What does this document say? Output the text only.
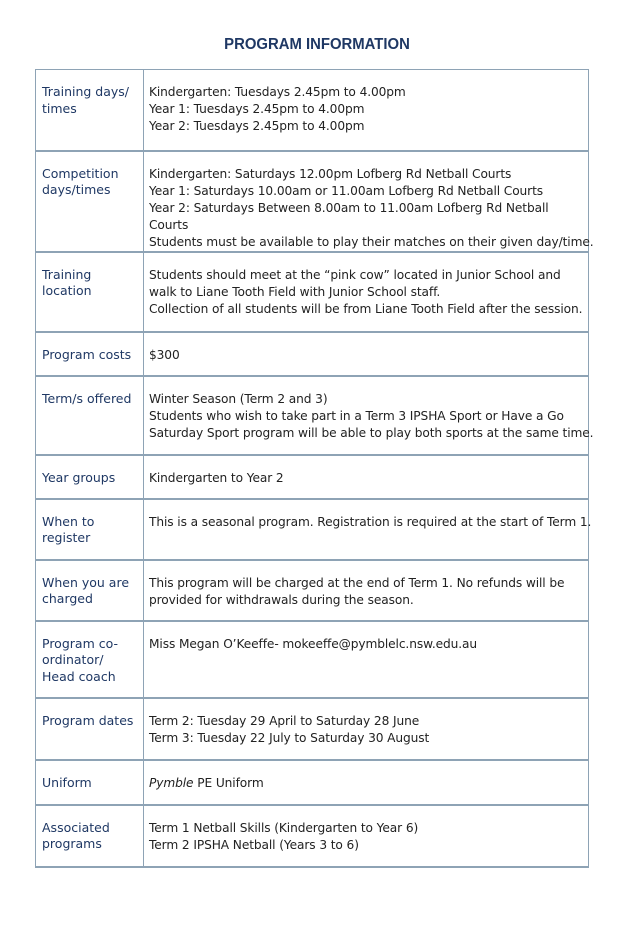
PROGRAM INFORMATION
Training days/ times	Kindergarten: Tuesdays 2.45pm to 4.00pm
Year 1: Tuesdays 2.45pm to 4.00pm
Year 2: Tuesdays 2.45pm to 4.00pm

Competition days/times	Kindergarten: Saturdays 12.00pm Lofberg Rd Netball Courts
Year 1: Saturdays 10.00am or 11.00am Lofberg Rd Netball Courts
Year 2: Saturdays Between 8.00am to 11.00am Lofberg Rd Netball
Courts
Students must be available to play their matches on their given day/time.

Training location	Students should meet at the “pink cow” located in Junior School and
walk to Liane Tooth Field with Junior School staff.
Collection of all students will be from Liane Tooth Field after the session.

Program costs	$300

Term/s offered	Winter Season (Term 2 and 3)
Students who wish to take part in a Term 3 IPSHA Sport or Have a Go
Saturday Sport program will be able to play both sports at the same time.

Year groups	Kindergarten to Year 2

When to register	This is a seasonal program. Registration is required at the start of Term 1.

When you are charged	This program will be charged at the end of Term 1. No refunds will be
provided for withdrawals during the season.

Program co-ordinator/ Head coach	Miss Megan O’Keeffe- mokeeffe@pymblelc.nsw.edu.au

Program dates	Term 2: Tuesday 29 April to Saturday 28 June
Term 3: Tuesday 22 July to Saturday 30 August

Uniform	Pymble PE Uniform

Associated programs	Term 1 Netball Skills (Kindergarten to Year 6)
Term 2 IPSHA Netball (Years 3 to 6)
